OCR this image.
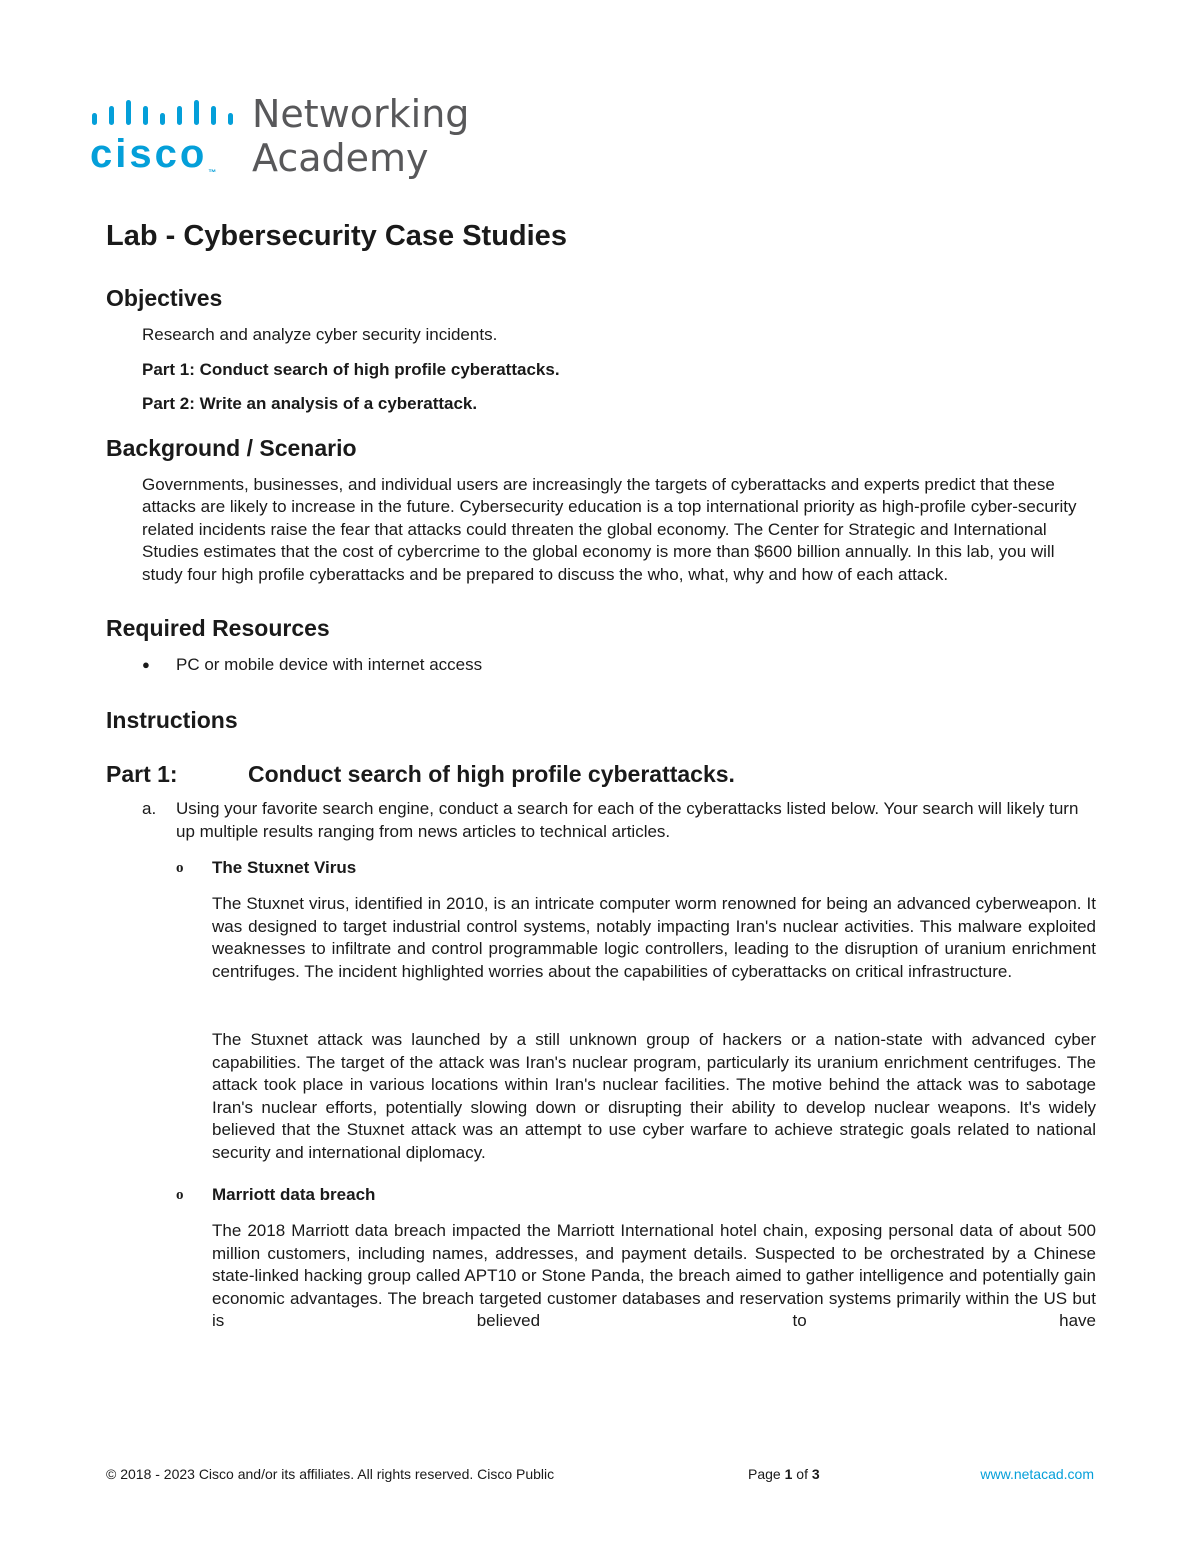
cisco™
Networking
Academy
Lab - Cybersecurity Case Studies
Objectives

Research and analyze cyber security incidents.

Part 1: Conduct search of high profile cyberattacks.

Part 2: Write an analysis of a cyberattack.

Background / Scenario

Governments, businesses, and individual users are increasingly the targets of cyberattacks and experts predict that these attacks are likely to increase in the future. Cybersecurity education is a top international priority as high-profile cyber-security related incidents raise the fear that attacks could threaten the global economy. The Center for Strategic and International Studies estimates that the cost of cybercrime to the global economy is more than $600 billion annually. In this lab, you will study four high profile cyberattacks and be prepared to discuss the who, what, why and how of each attack.

Required Resources
●	PC or mobile device with internet access
Instructions
Part 1:	Conduct search of high profile cyberattacks.
a.	Using your favorite search engine, conduct a search for each of the cyberattacks listed below. Your search will likely turn up multiple results ranging from news articles to technical articles.
o	The Stuxnet Virus

The Stuxnet virus, identified in 2010, is an intricate computer worm renowned for being an advanced cyberweapon. It was designed to target industrial control systems, notably impacting Iran's nuclear activities. This malware exploited weaknesses to infiltrate and control programmable logic controllers, leading to the disruption of uranium enrichment centrifuges. The incident highlighted worries about the capabilities of cyberattacks on critical infrastructure.

The Stuxnet attack was launched by a still unknown group of hackers or a nation-state with advanced cyber capabilities. The target of the attack was Iran's nuclear program, particularly its uranium enrichment centrifuges. The attack took place in various locations within Iran's nuclear facilities. The motive behind the attack was to sabotage Iran's nuclear efforts, potentially slowing down or disrupting their ability to develop nuclear weapons. It's widely believed that the Stuxnet attack was an attempt to use cyber warfare to achieve strategic goals related to national security and international diplomacy.

o	Marriott data breach

The 2018 Marriott data breach impacted the Marriott International hotel chain, exposing personal data of about 500 million customers, including names, addresses, and payment details. Suspected to be orchestrated by a Chinese state-linked hacking group called APT10 or Stone Panda, the breach aimed to gather intelligence and potentially gain economic advantages. The breach targeted customer databases and reservation systems primarily within the US but is believed to have

© 2018 - 2023 Cisco and/or its affiliates. All rights reserved. Cisco Public	Page 1 of 3	www.netacad.com
